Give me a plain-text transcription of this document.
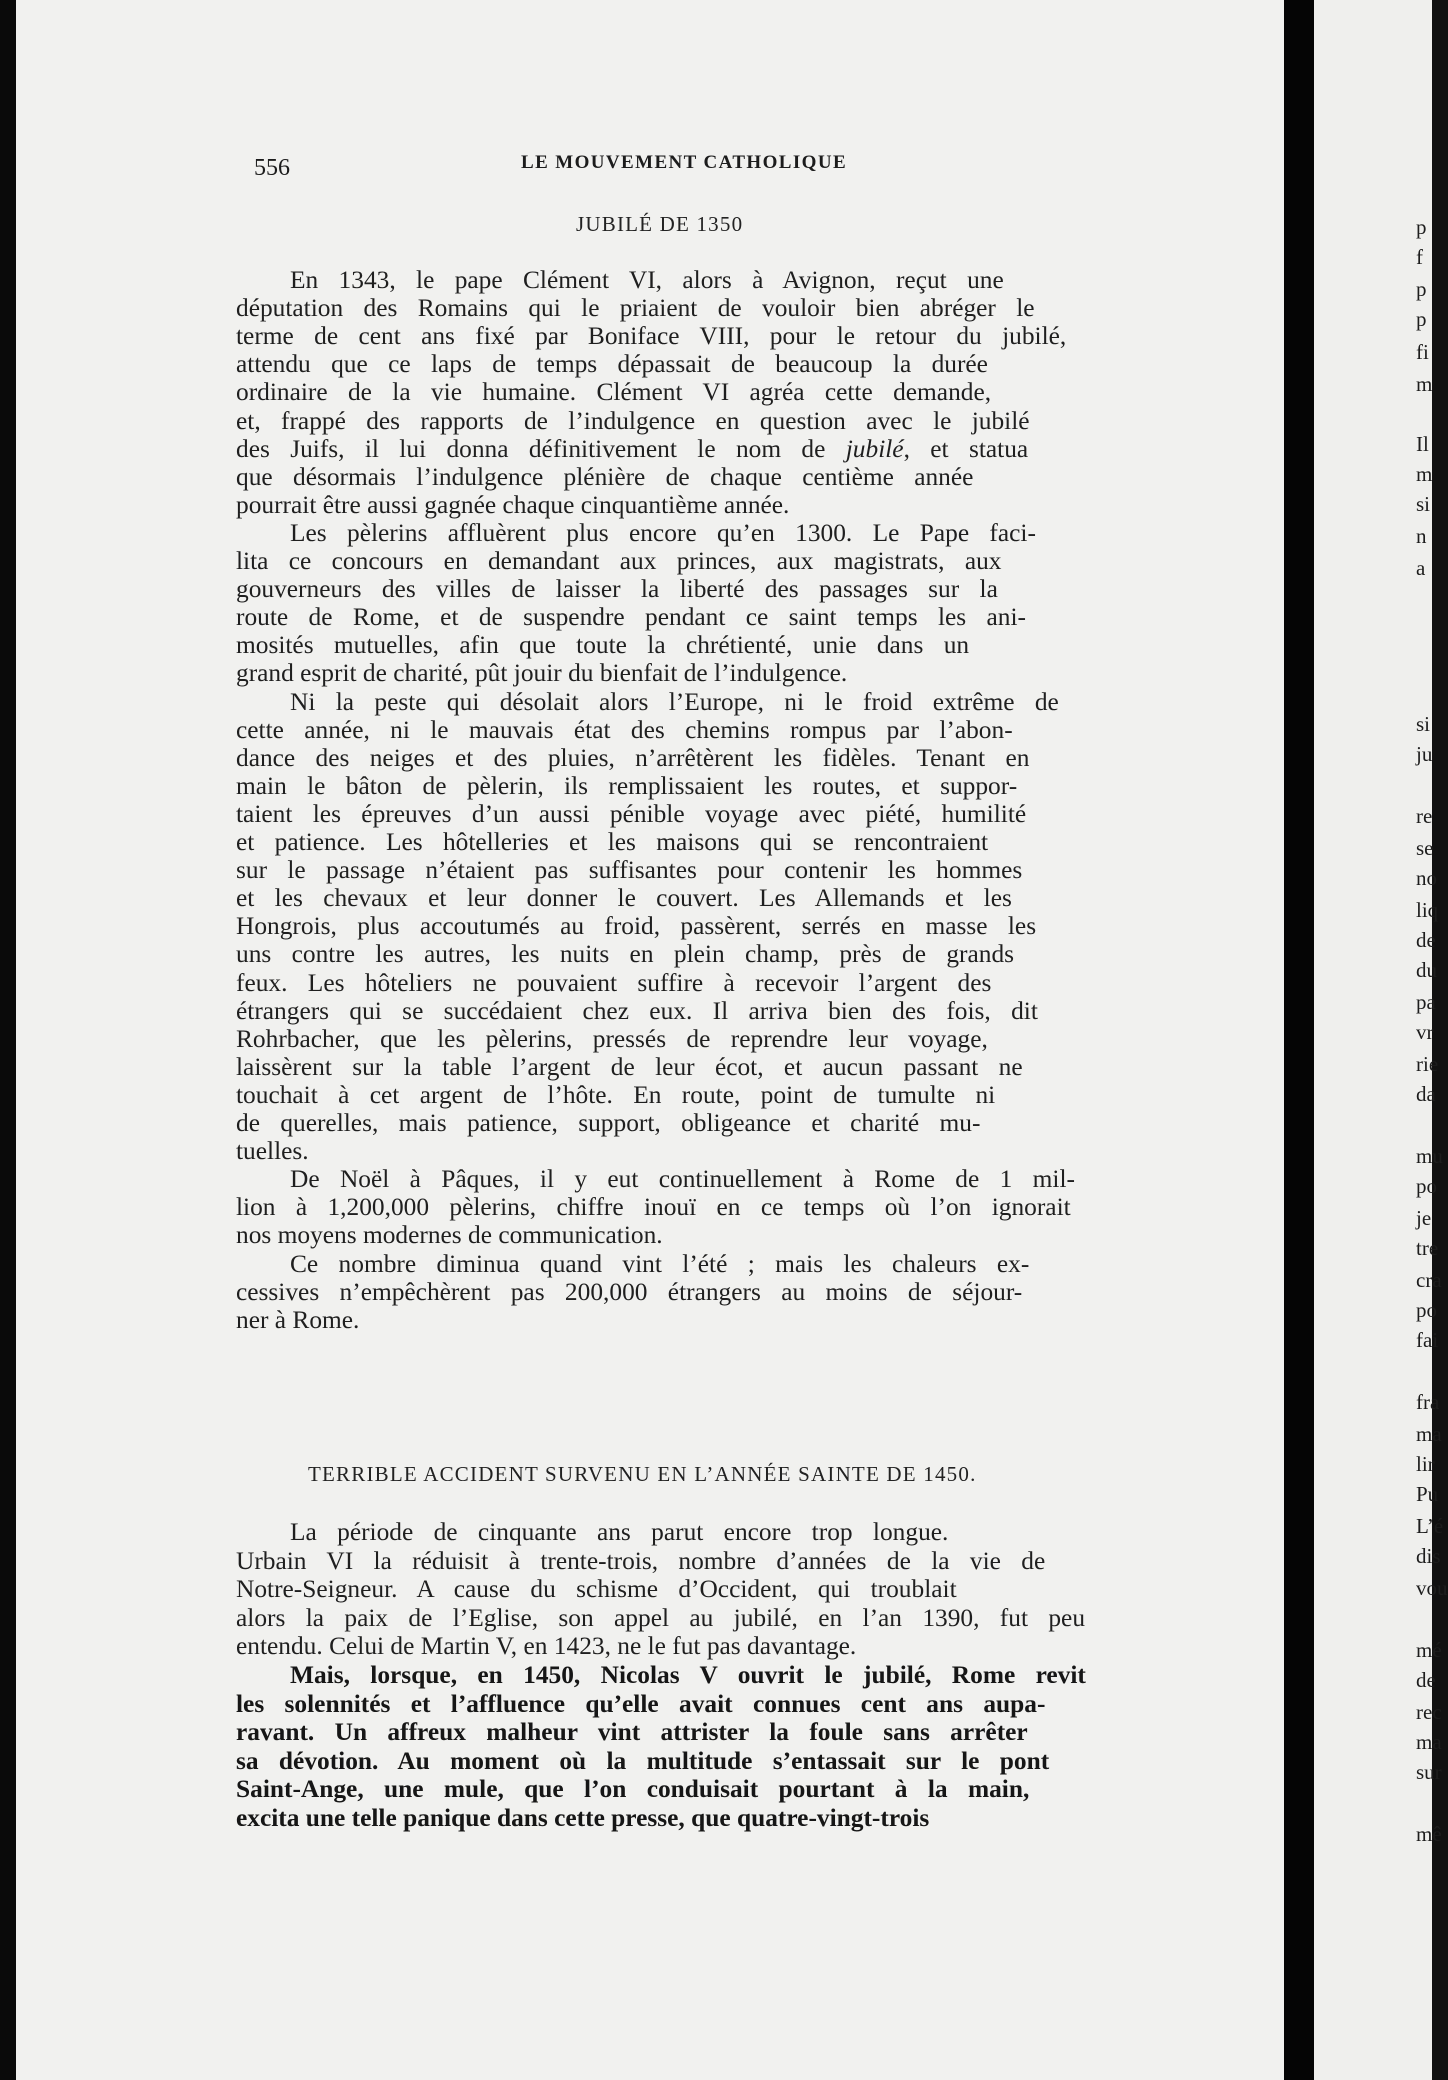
556	LE MOUVEMENT CATHOLIQUE
JUBILÉ DE 1350
En 1343, le pape Clément VI, alors à Avignon, reçut une
députation des Romains qui le priaient de vouloir bien abréger le
terme de cent ans fixé par Boniface VIII, pour le retour du jubilé,
attendu que ce laps de temps dépassait de beaucoup la durée
ordinaire de la vie humaine. Clément VI agréa cette demande,
et, frappé des rapports de l’indulgence en question avec le jubilé
des Juifs, il lui donna définitivement le nom de jubilé, et statua
que désormais l’indulgence plénière de chaque centième année
pourrait être aussi gagnée chaque cinquantième année.
Les pèlerins affluèrent plus encore qu’en 1300. Le Pape faci-
lita ce concours en demandant aux princes, aux magistrats, aux
gouverneurs des villes de laisser la liberté des passages sur la
route de Rome, et de suspendre pendant ce saint temps les ani-
mosités mutuelles, afin que toute la chrétienté, unie dans un
grand esprit de charité, pût jouir du bienfait de l’indulgence.
Ni la peste qui désolait alors l’Europe, ni le froid extrême de
cette année, ni le mauvais état des chemins rompus par l’abon-
dance des neiges et des pluies, n’arrêtèrent les fidèles. Tenant en
main le bâton de pèlerin, ils remplissaient les routes, et suppor-
taient les épreuves d’un aussi pénible voyage avec piété, humilité
et patience. Les hôtelleries et les maisons qui se rencontraient
sur le passage n’étaient pas suffisantes pour contenir les hommes
et les chevaux et leur donner le couvert. Les Allemands et les
Hongrois, plus accoutumés au froid, passèrent, serrés en masse les
uns contre les autres, les nuits en plein champ, près de grands
feux. Les hôteliers ne pouvaient suffire à recevoir l’argent des
étrangers qui se succédaient chez eux. Il arriva bien des fois, dit
Rohrbacher, que les pèlerins, pressés de reprendre leur voyage,
laissèrent sur la table l’argent de leur écot, et aucun passant ne
touchait à cet argent de l’hôte. En route, point de tumulte ni
de querelles, mais patience, support, obligeance et charité mu-
tuelles.
De Noël à Pâques, il y eut continuellement à Rome de 1 mil-
lion à 1,200,000 pèlerins, chiffre inouï en ce temps où l’on ignorait
nos moyens modernes de communication.
Ce nombre diminua quand vint l’été ; mais les chaleurs ex-
cessives n’empêchèrent pas 200,000 étrangers au moins de séjour-
ner à Rome.
TERRIBLE ACCIDENT SURVENU EN L’ANNÉE SAINTE DE 1450.
La période de cinquante ans parut encore trop longue.
Urbain VI la réduisit à trente-trois, nombre d’années de la vie de
Notre-Seigneur. A cause du schisme d’Occident, qui troublait
alors la paix de l’Eglise, son appel au jubilé, en l’an 1390, fut peu
entendu. Celui de Martin V, en 1423, ne le fut pas davantage.
Mais, lorsque, en 1450, Nicolas V ouvrit le jubilé, Rome revit
les solennités et l’affluence qu’elle avait connues cent ans aupa-
ravant. Un affreux malheur vint attrister la foule sans arrêter
sa dévotion. Au moment où la multitude s’entassait sur le pont
Saint-Ange, une mule, que l’on conduisait pourtant à la main,
excita une telle panique dans cette presse, que quatre-vingt-trois
p
f
p
p
fi
m
Il
m
si
n
a
si
ju
re
se
no
liq
de
du
pa
vr
rie
da
mu
po
je
tre
cra
po
fai
fra
ma
lir
Pu
L’é
dis
vou
mé
de
rec
ma
sur
mê
